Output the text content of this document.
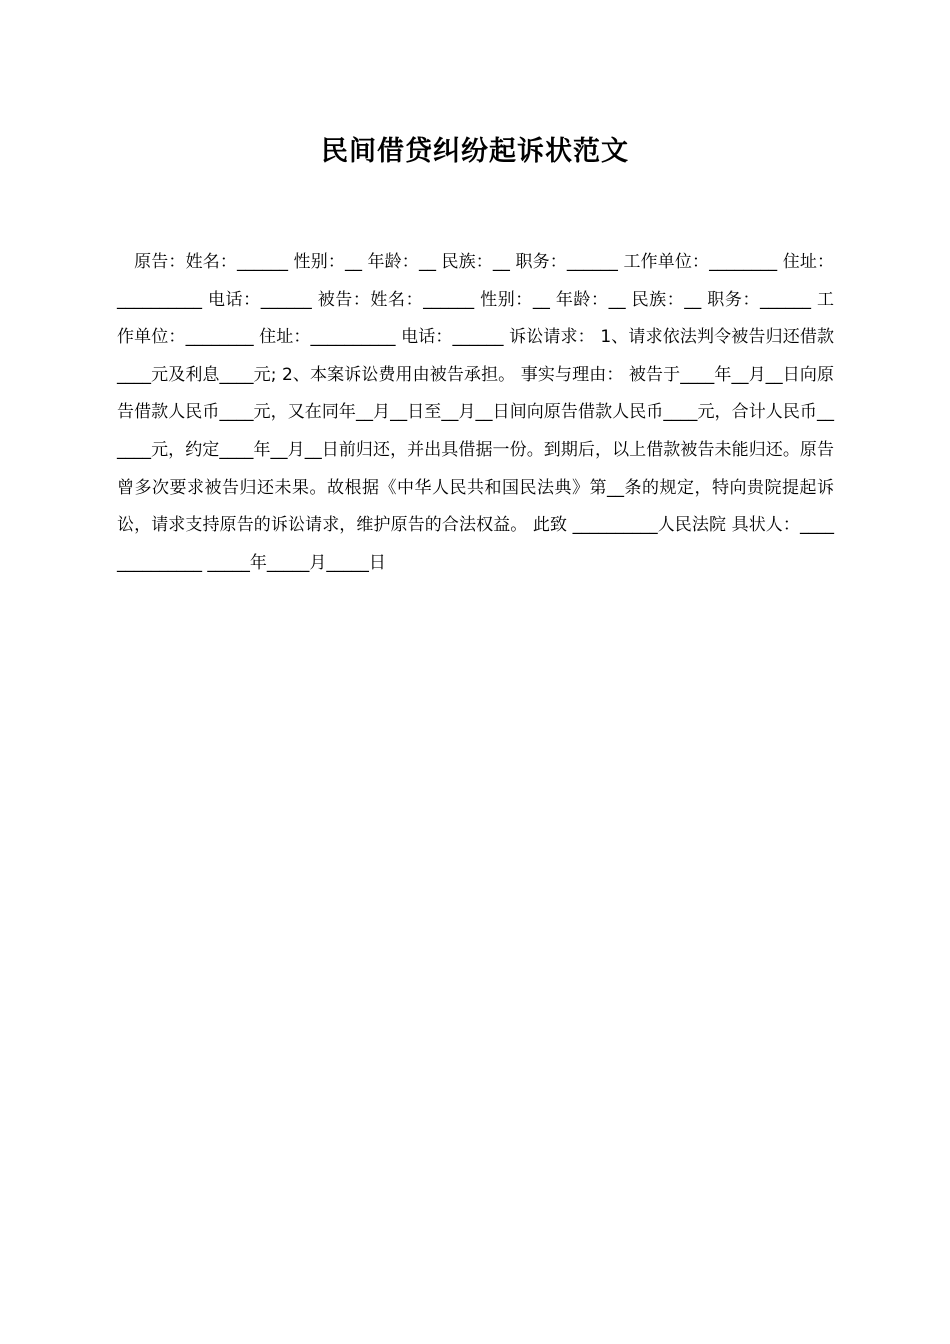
民间借贷纠纷起诉状范文

　原告：姓名：______ 性别：__ 年龄：__ 民族：__ 职务：______ 工作单位：________ 住址：__________ 电话：______ 被告：姓名：______ 性别：__ 年龄：__ 民族：__ 职务：______ 工作单位：________ 住址：__________ 电话：______ 诉讼请求： 1、请求依法判令被告归还借款____元及利息____元; 2、本案诉讼费用由被告承担。 事实与理由： 被告于____年__月__日向原告借款人民币____元，又在同年__月__日至__月__日间向原告借款人民币____元，合计人民币______元，约定____年__月__日前归还，并出具借据一份。到期后，以上借款被告未能归还。原告曾多次要求被告归还未果。故根据《中华人民共和国民法典》第__条的规定，特向贵院提起诉讼，请求支持原告的诉讼请求，维护原告的合法权益。 此致 __________人民法院 具状人：______________ _____年_____月_____日
